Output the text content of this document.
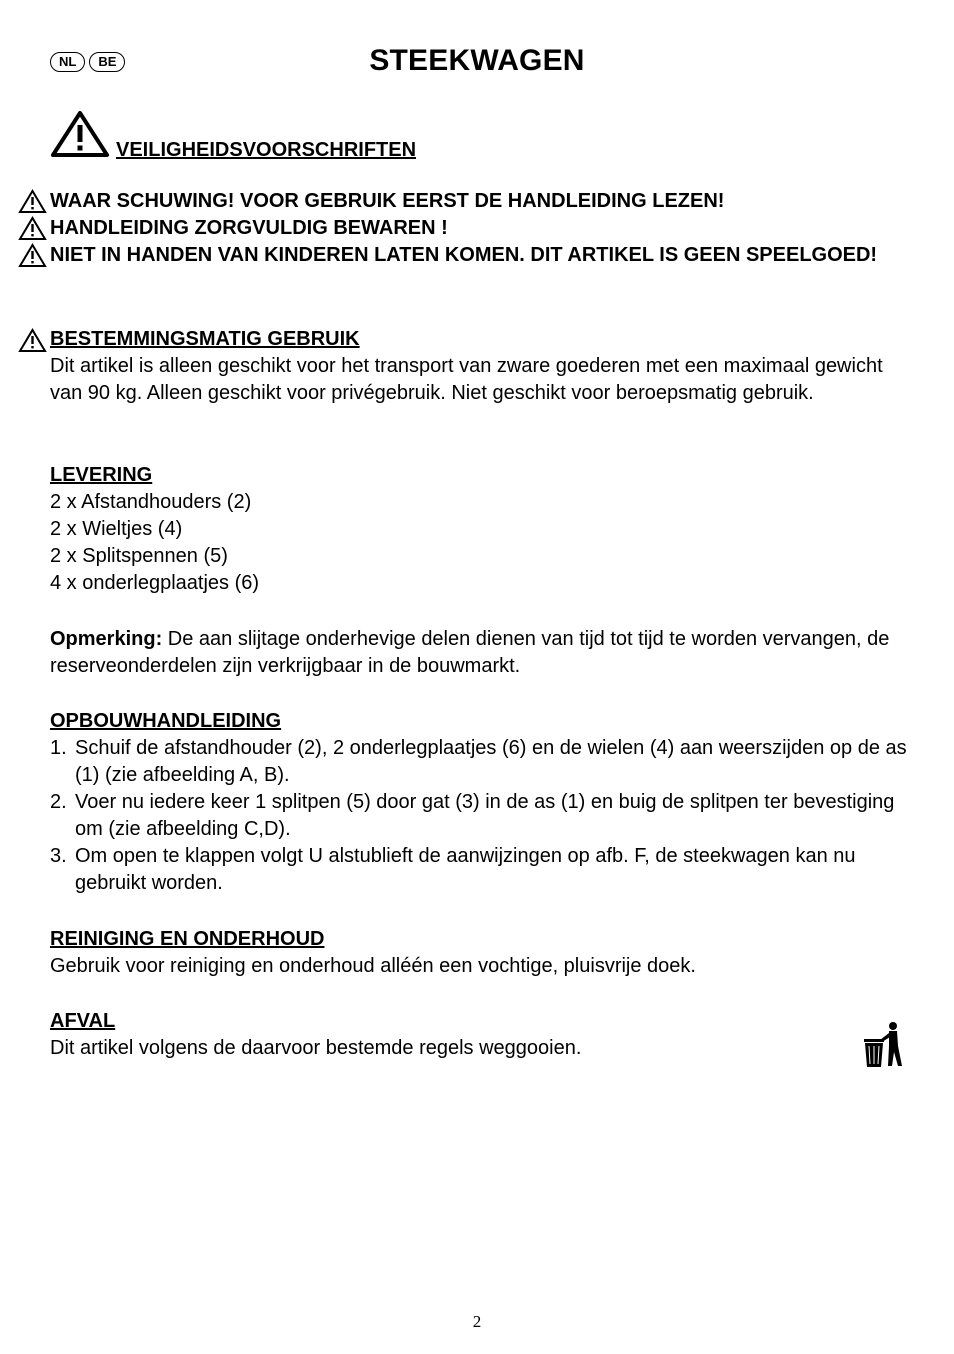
NL	BE	STEEKWAGEN
VEILIGHEIDSVOORSCHRIFTEN
WAAR SCHUWING! VOOR GEBRUIK EERST DE HANDLEIDING LEZEN!
HANDLEIDING ZORGVULDIG BEWAREN !
NIET IN HANDEN VAN KINDEREN LATEN KOMEN. DIT ARTIKEL IS GEEN SPEELGOED!
BESTEMMINGSMATIG GEBRUIK
Dit artikel is alleen geschikt voor het transport van zware goederen met een maximaal gewicht van 90 kg. Alleen geschikt voor privégebruik. Niet geschikt voor beroepsmatig gebruik.
LEVERING
2 x Afstandhouders (2)
2 x Wieltjes (4)
2 x Splitspennen (5)
4 x onderlegplaatjes (6)
Opmerking: De aan slijtage onderhevige delen dienen van tijd tot tijd te worden vervangen, de reserveonderdelen zijn verkrijgbaar in de bouwmarkt.
OPBOUWHANDLEIDING
1. Schuif de afstandhouder (2), 2 onderlegplaatjes (6) en de wielen (4) aan weerszijden op de as (1) (zie afbeelding A, B).
2. Voer nu iedere keer 1 splitpen (5) door gat (3) in de as (1) en buig de splitpen ter bevestiging om (zie afbeelding C,D).
3. Om open te klappen volgt U alstublieft de aanwijzingen op afb. F, de steekwagen kan nu gebruikt worden.
REINIGING EN ONDERHOUD
Gebruik voor reiniging en onderhoud alléén een vochtige, pluisvrije doek.
AFVAL
Dit artikel volgens de daarvoor bestemde regels weggooien.
2
